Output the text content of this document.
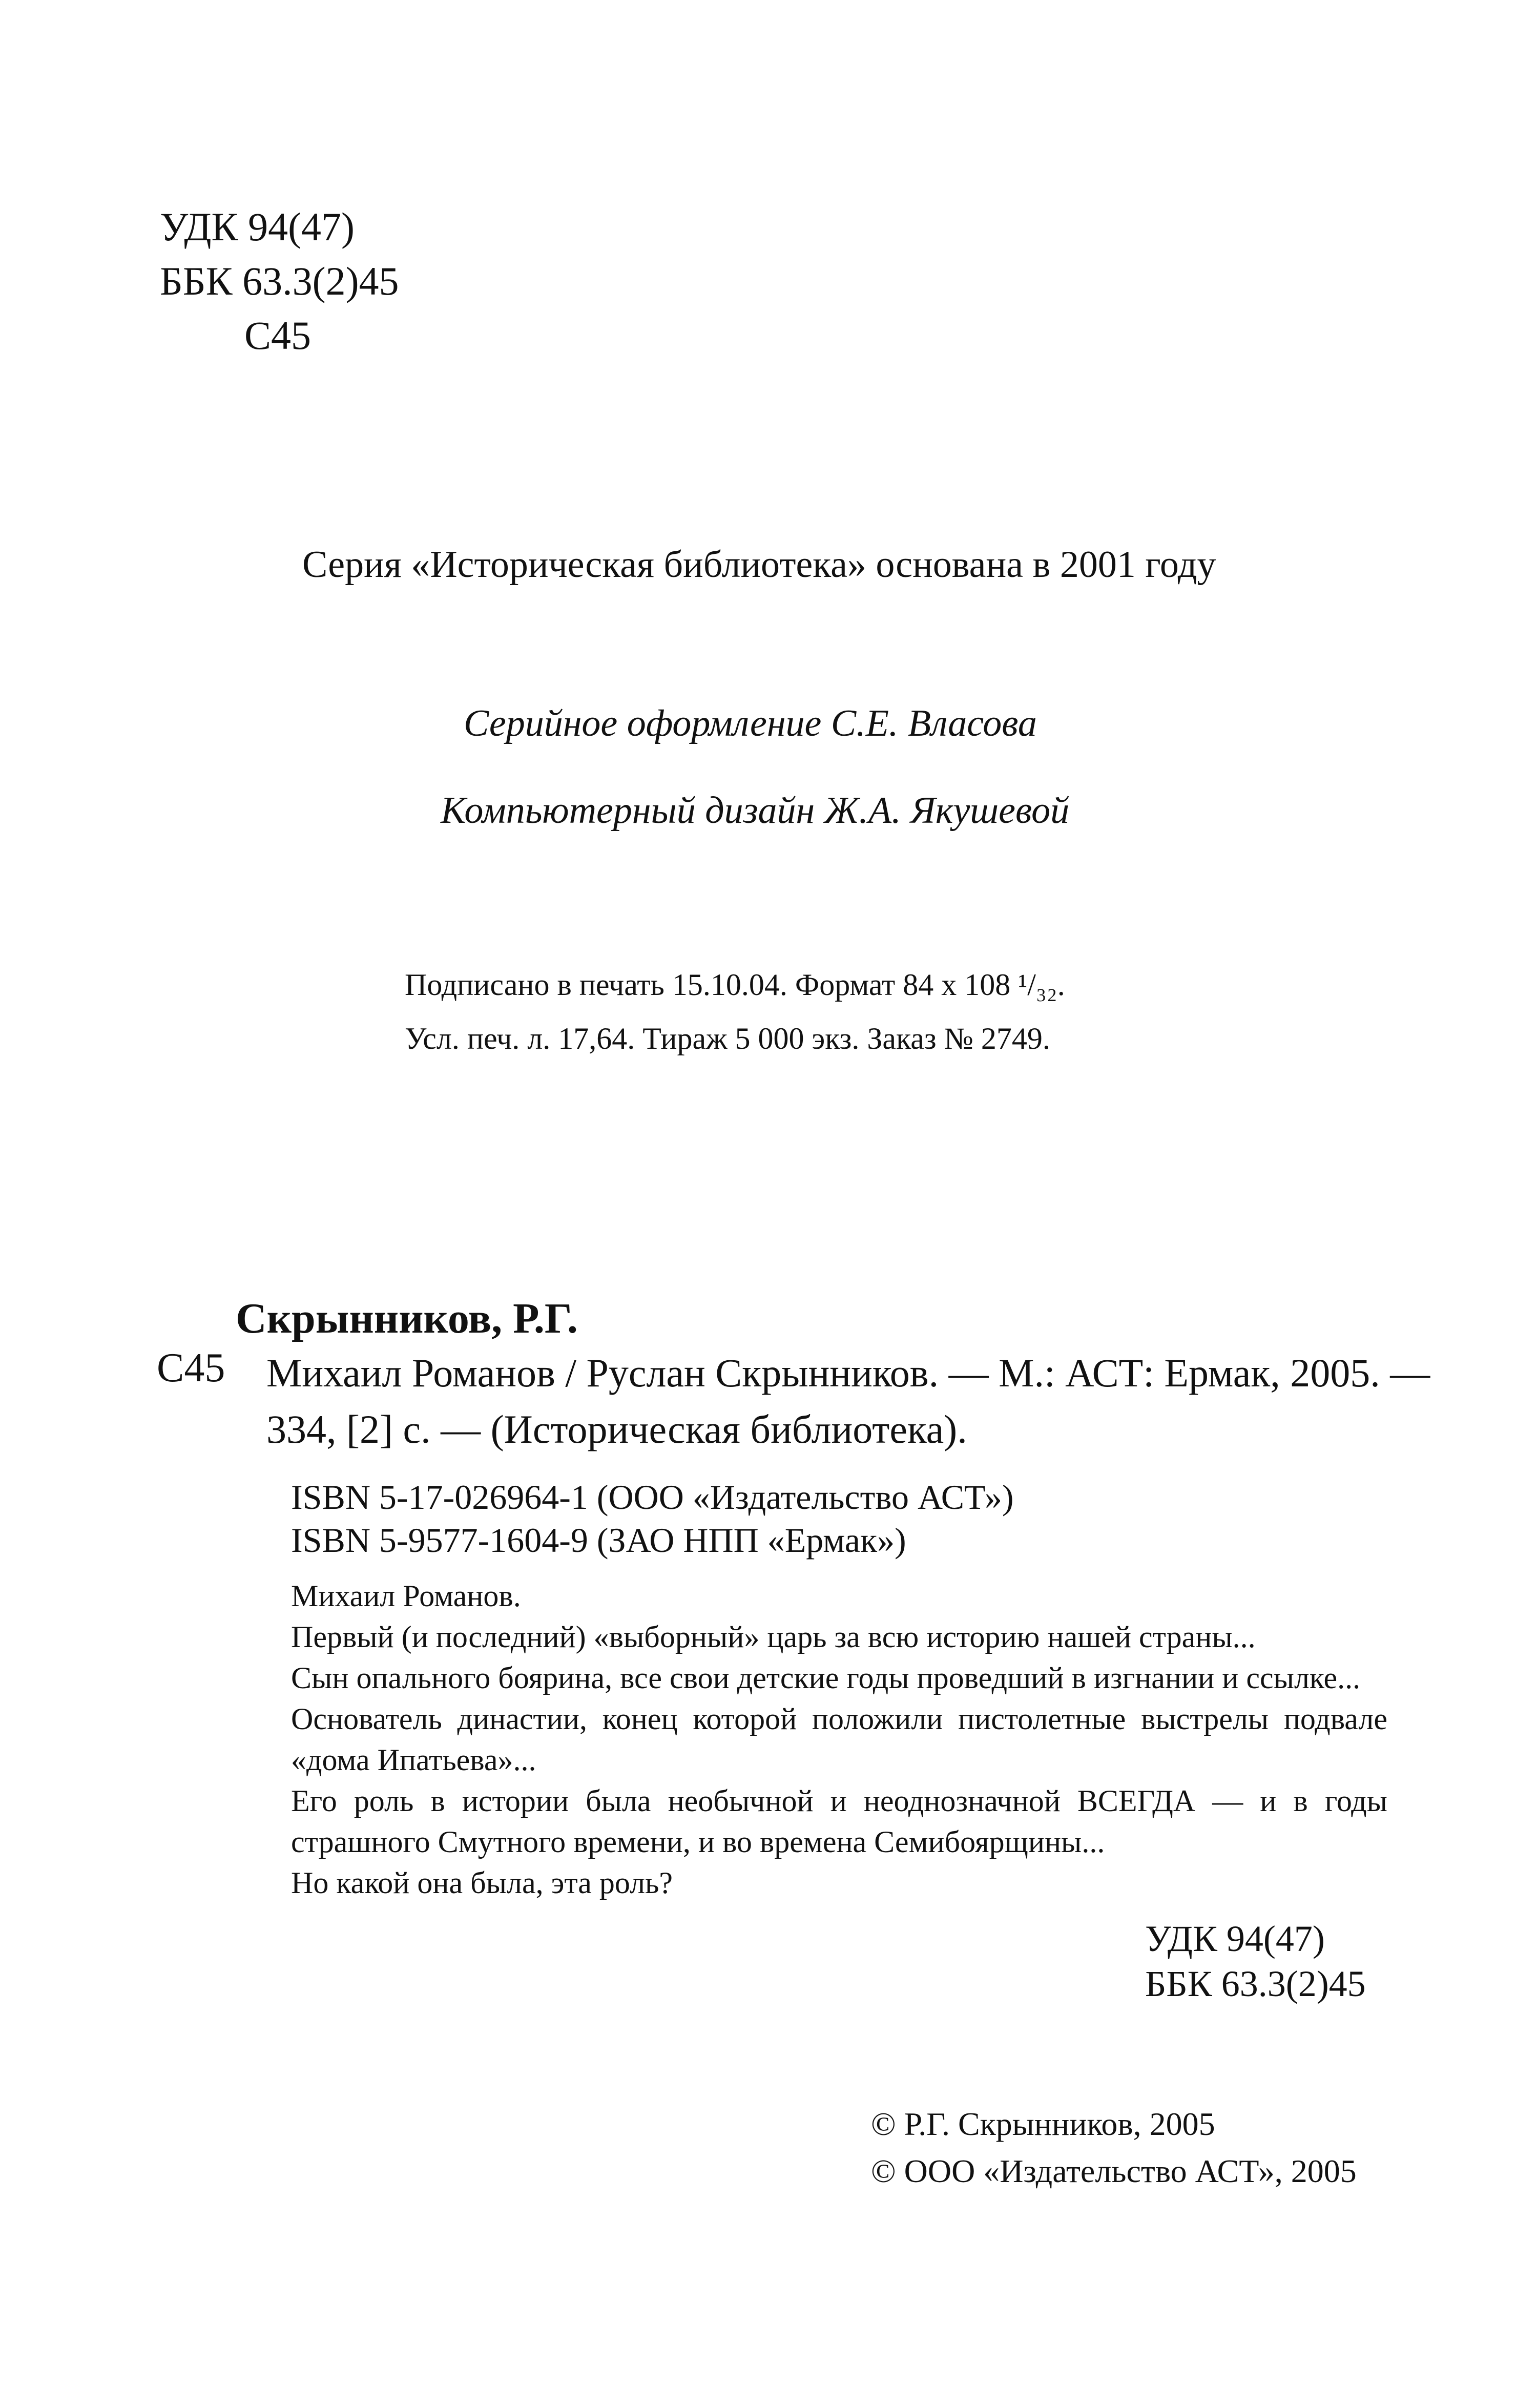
УДК 94(47)
ББК 63.3(2)45
С45
Серия «Историческая библиотека» основана в 2001 году
Серийное оформление С.Е. Власова
Компьютерный дизайн Ж.А. Якушевой
Подписано в печать 15.10.04. Формат 84 х 108 ¹/₃₂.
Усл. печ. л. 17,64. Тираж 5 000 экз. Заказ № 2749.
Скрынников, Р.Г.
С45 Михаил Романов / Руслан Скрынников. — М.: АСТ: Ермак, 2005. —
334, [2] с. — (Историческая библиотека).
ISBN 5-17-026964-1 (ООО «Издательство АСТ»)
ISBN 5-9577-1604-9 (ЗАО НПП «Ермак»)

Михаил Романов.

Первый (и последний) «выборный» царь за всю историю нашей страны...

Сын опального боярина, все свои детские годы проведший в изгнании и ссылке...

Основатель династии, конец которой положили пистолетные выстрелы подвале «дома Ипатьева»...

Его роль в истории была необычной и неоднозначной ВСЕГДА — и в годы страшного Смутного времени, и во времена Семибоярщины...

Но какой она была, эта роль?

УДК 94(47)
ББК 63.3(2)45
© Р.Г. Скрынников, 2005
© ООО «Издательство АСТ», 2005
